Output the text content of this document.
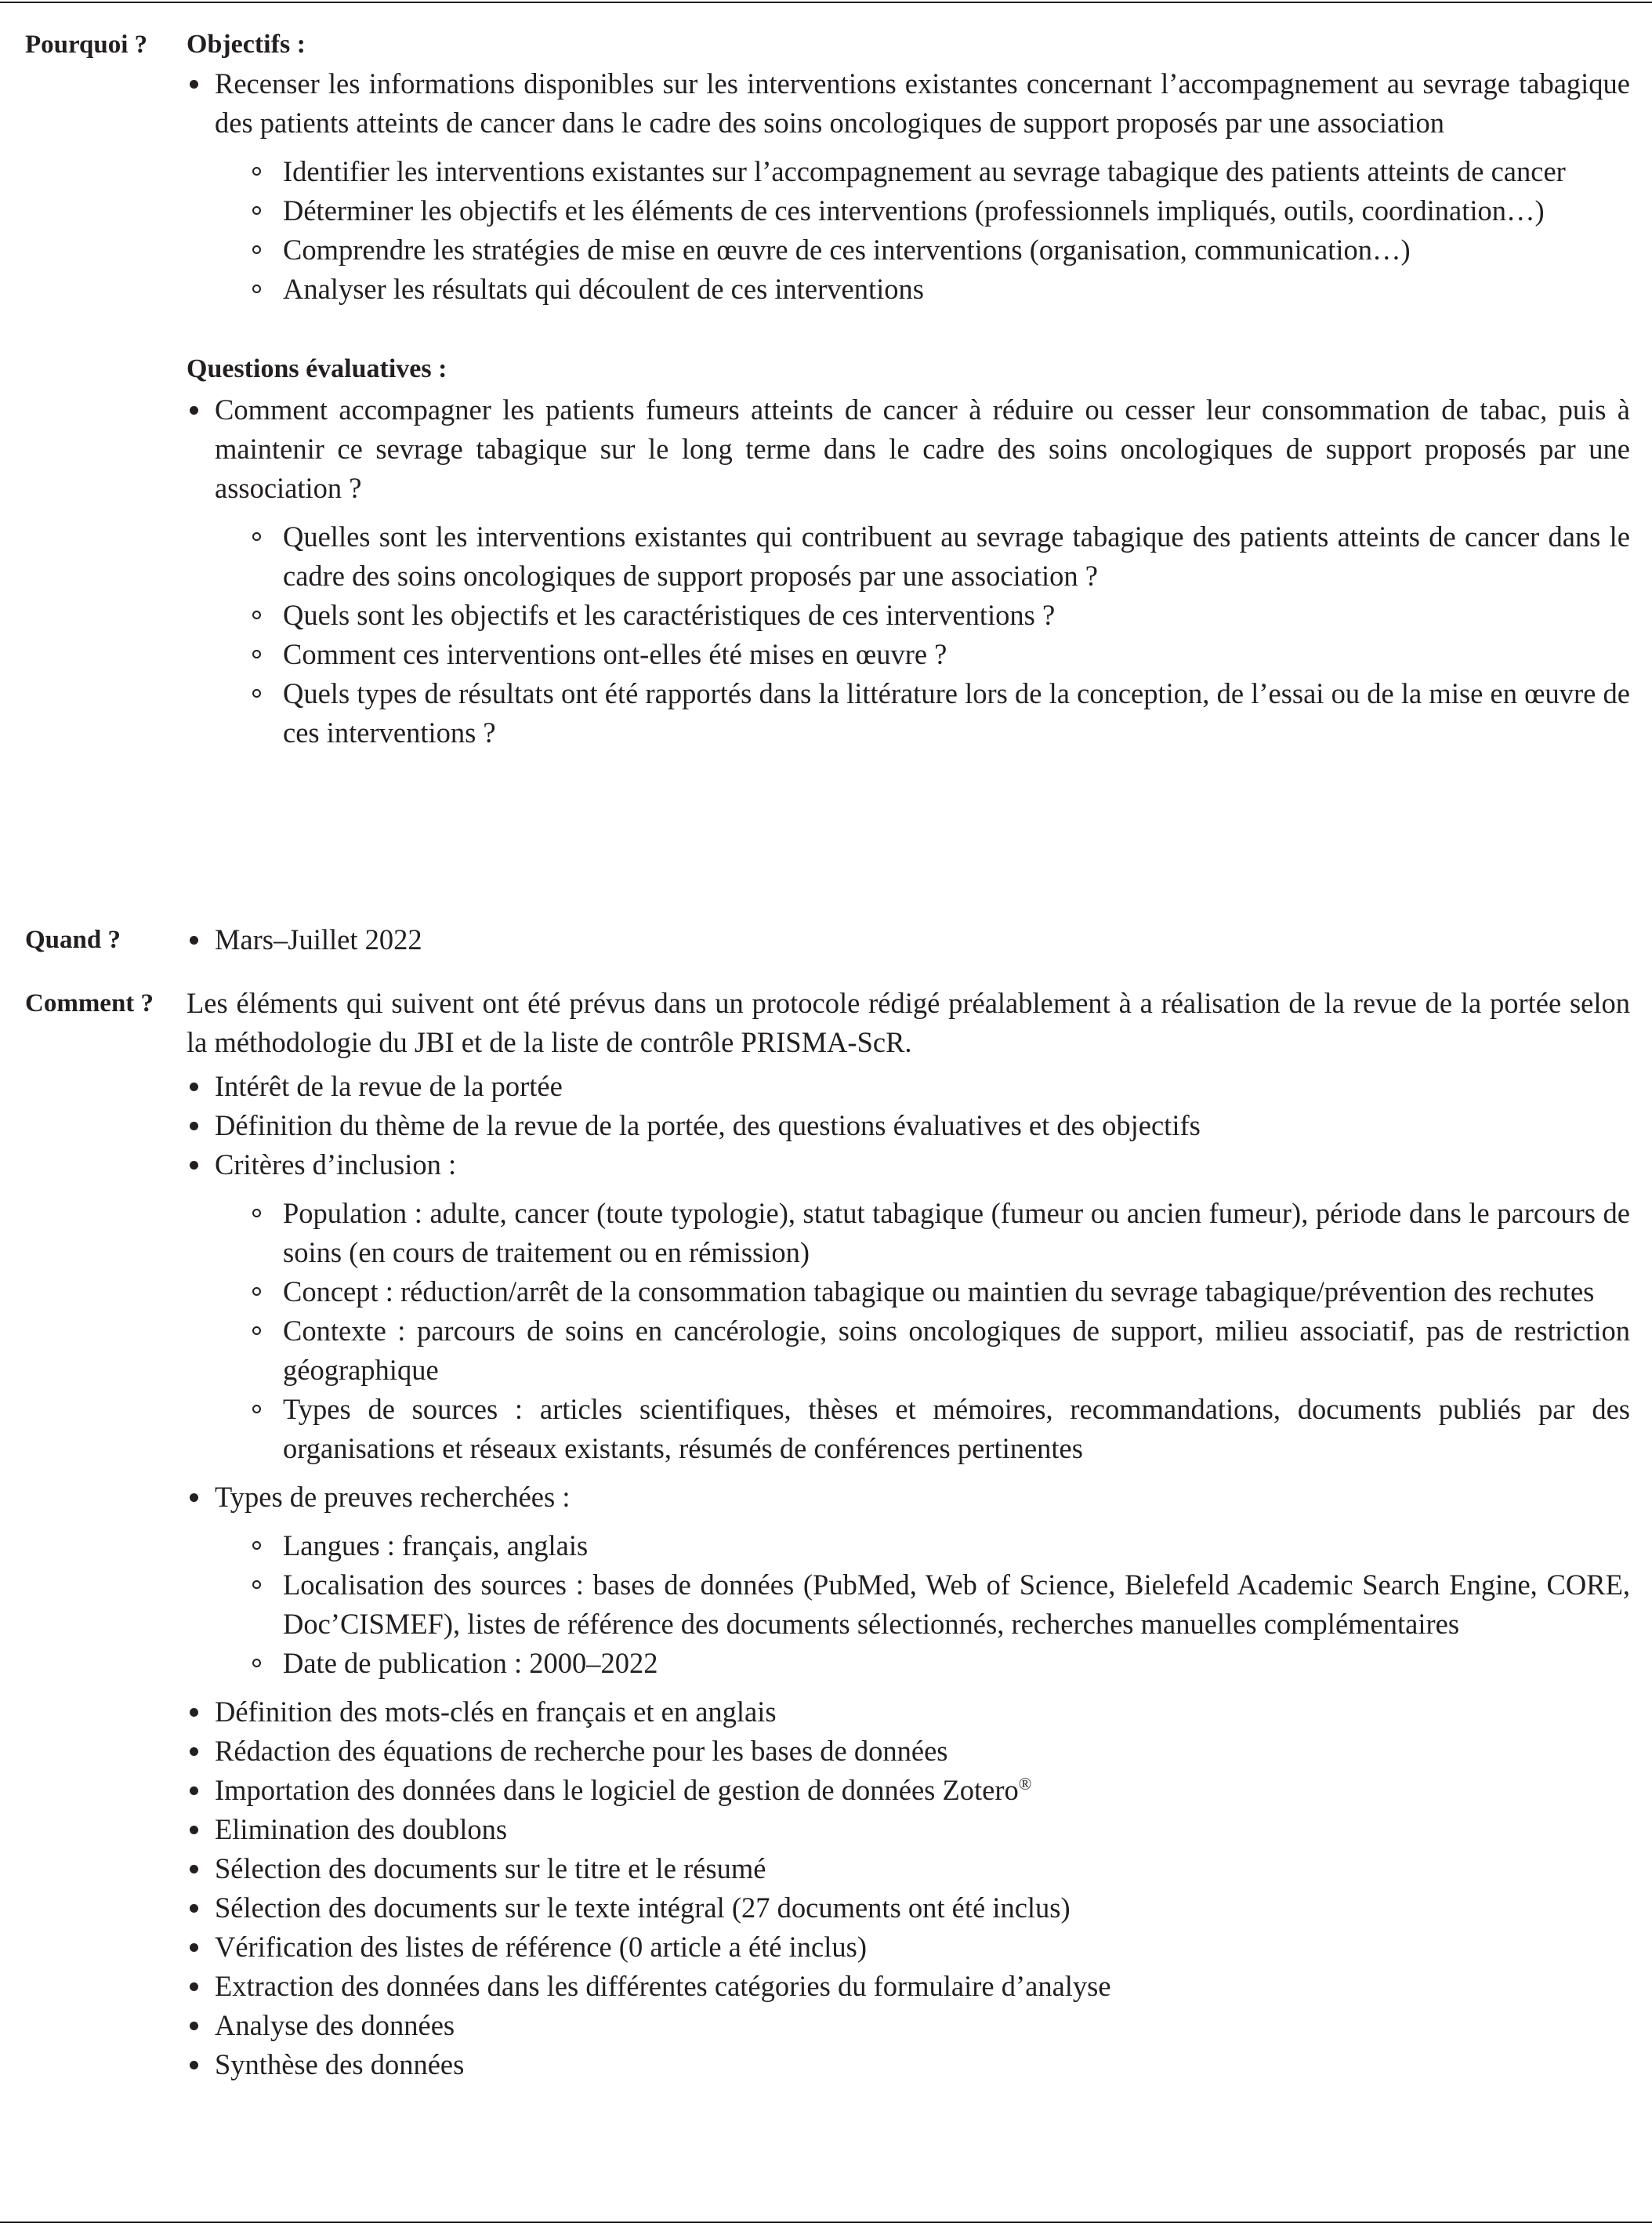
Pourquoi ? Objectifs :

Recenser les informations disponibles sur les interventions existantes concernant l’accompagnement au sevrage tabagique des patients atteints de cancer dans le cadre des soins oncologiques de support proposés par une association
Identifier les interventions existantes sur l’accompagnement au sevrage tabagique des patients atteints de cancer
Déterminer les objectifs et les éléments de ces interventions (professionnels impliqués, outils, coordination…)
Comprendre les stratégies de mise en œuvre de ces interventions (organisation, communication…)
Analyser les résultats qui découlent de ces interventions

Questions évaluatives :

Comment accompagner les patients fumeurs atteints de cancer à réduire ou cesser leur consommation de tabac, puis à maintenir ce sevrage tabagique sur le long terme dans le cadre des soins oncologiques de support proposés par une association ?
Quelles sont les interventions existantes qui contribuent au sevrage tabagique des patients atteints de cancer dans le cadre des soins oncologiques de support proposés par une association ?
Quels sont les objectifs et les caractéristiques de ces interventions ?
Comment ces interventions ont-elles été mises en œuvre ?
Quels types de résultats ont été rapportés dans la littérature lors de la conception, de l’essai ou de la mise en œuvre de ces interventions ?
Quand ?	Mars–Juillet 2022
Comment ? Les éléments qui suivent ont été prévus dans un protocole rédigé préalablement à a réalisation de la revue de la portée selon la méthodologie du JBI et de la liste de contrôle PRISMA-ScR.

Intérêt de la revue de la portée
Définition du thème de la revue de la portée, des questions évaluatives et des objectifs
Critères d’inclusion :
Population : adulte, cancer (toute typologie), statut tabagique (fumeur ou ancien fumeur), période dans le parcours de soins (en cours de traitement ou en rémission)
Concept : réduction/arrêt de la consommation tabagique ou maintien du sevrage tabagique/prévention des rechutes
Contexte : parcours de soins en cancérologie, soins oncologiques de support, milieu associatif, pas de restriction géographique
Types de sources : articles scientifiques, thèses et mémoires, recommandations, documents publiés par des organisations et réseaux existants, résumés de conférences pertinentes
Types de preuves recherchées :
Langues : français, anglais
Localisation des sources : bases de données (PubMed, Web of Science, Bielefeld Academic Search Engine, CORE, Doc’CISMEF), listes de référence des documents sélectionnés, recherches manuelles complémentaires
Date de publication : 2000–2022
Définition des mots-clés en français et en anglais
Rédaction des équations de recherche pour les bases de données
Importation des données dans le logiciel de gestion de données Zotero®
Elimination des doublons
Sélection des documents sur le titre et le résumé
Sélection des documents sur le texte intégral (27 documents ont été inclus)
Vérification des listes de référence (0 article a été inclus)
Extraction des données dans les différentes catégories du formulaire d’analyse
Analyse des données
Synthèse des données
